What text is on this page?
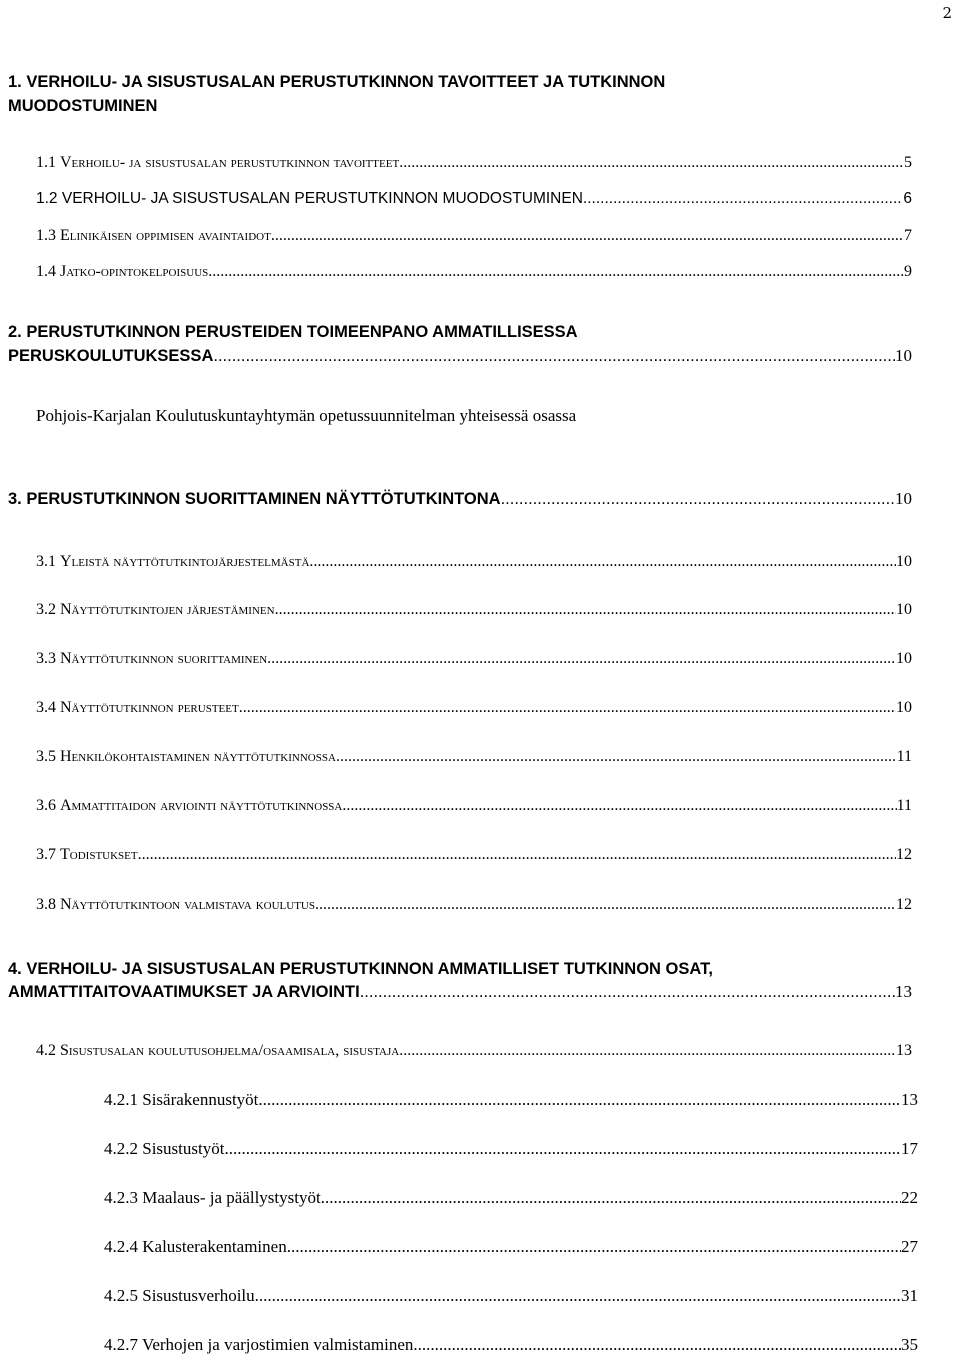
2
1. VERHOILU- JA SISUSTUSALAN PERUSTUTKINNON TAVOITTEET JA TUTKINNON
MUODOSTUMINEN
1.1
Verhoilu- ja sisustusalan perustutkinnon tavoitteet .....	5
1.2
VERHOILU- JA SISUSTUSALAN PERUSTUTKINNON MUODOSTUMINEN .....	6
1.3
Elinikäisen oppimisen avaintaidot .....	7
1.4
Jatko-opintokelpoisuus .....	9
2. PERUSTUTKINNON PERUSTEIDEN TOIMEENPANO AMMATILLISESSA
PERUSKOULUTUKSESSA .....	10
Pohjois-Karjalan Koulutuskuntayhtymän opetussuunnitelman yhteisessä osassa
3. PERUSTUTKINNON SUORITTAMINEN NÄYTTÖTUTKINTONA .....	10
3.1
Yleistä näyttötutkintojärjestelmästä .....	10
3.2
Näyttötutkintojen järjestäminen .....	10
3.3
Näyttötutkinnon suorittaminen .....	10
3.4
Näyttötutkinnon perusteet .....	10
3.5
Henkilökohtaistaminen näyttötutkinnossa .....	11
3.6
Ammattitaidon arviointi näyttötutkinnossa .....	11
3.7
Todistukset .....	12
3.8
Näyttötutkintoon valmistava koulutus .....	12
4. VERHOILU- JA SISUSTUSALAN PERUSTUTKINNON AMMATILLISET TUTKINNON OSAT,
AMMATTITAITOVAATIMUKSET JA ARVIOINTI .....	13
4.2
Sisustusalan koulutusohjelma/osaamisala, sisustaja .....	13
4.2.1 Sisärakennustyöt .....	13
4.2.2 Sisustustyöt .....	17
4.2.3 Maalaus- ja päällystystyöt .....	22
4.2.4 Kalusterakentaminen .....	27
4.2.5 Sisustusverhoilu .....	31
4.2.7 Verhojen ja varjostimien valmistaminen .....	35
